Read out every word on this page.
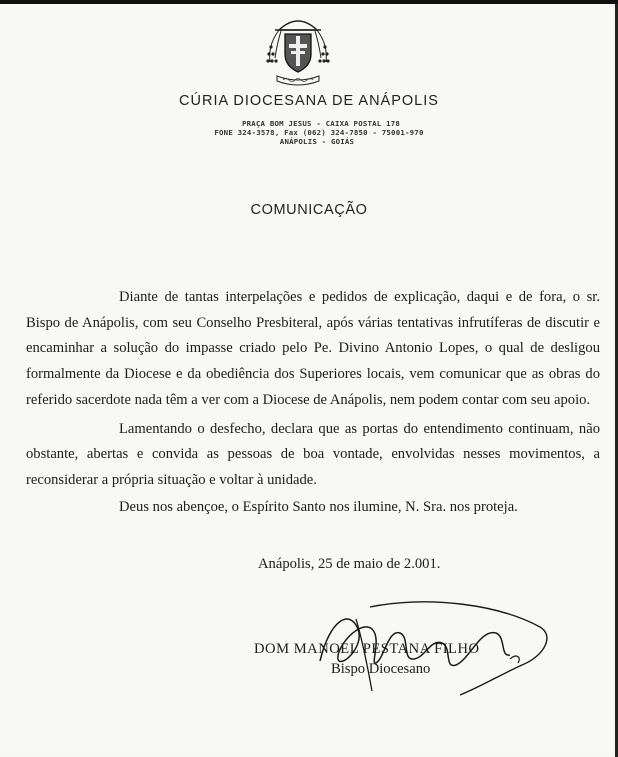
CÚRIA DIOCESANA DE ANÁPOLIS
PRAÇA BOM JESUS - CAIXA POSTAL 178
FONE 324-3578, Fax (062) 324-7850 - 75001-970
ANÁPOLIS - GOIÁS
COMUNICAÇÃO

Diante de tantas interpelações e pedidos de explicação, daqui e de fora, o sr. Bispo de Anápolis, com seu Conselho Presbiteral, após várias tentativas infrutíferas de discutir e encaminhar a solução do impasse criado pelo Pe. Divino Antonio Lopes, o qual de desligou formalmente da Diocese e da obediência dos Superiores locais, vem comunicar que as obras do referido sacerdote nada têm a ver com a Diocese de Anápolis, nem podem contar com seu apoio.

Lamentando o desfecho, declara que as portas do entendimento continuam, não obstante, abertas e convida as pessoas de boa vontade, envolvidas nesses movimentos, a reconsiderar a própria situação e voltar à unidade.

Deus nos abençoe, o Espírito Santo nos ilumine, N. Sra. nos proteja.

Anápolis, 25 de maio de 2.001.
DOM MANOEL PESTANA FILHO
Bispo Diocesano
